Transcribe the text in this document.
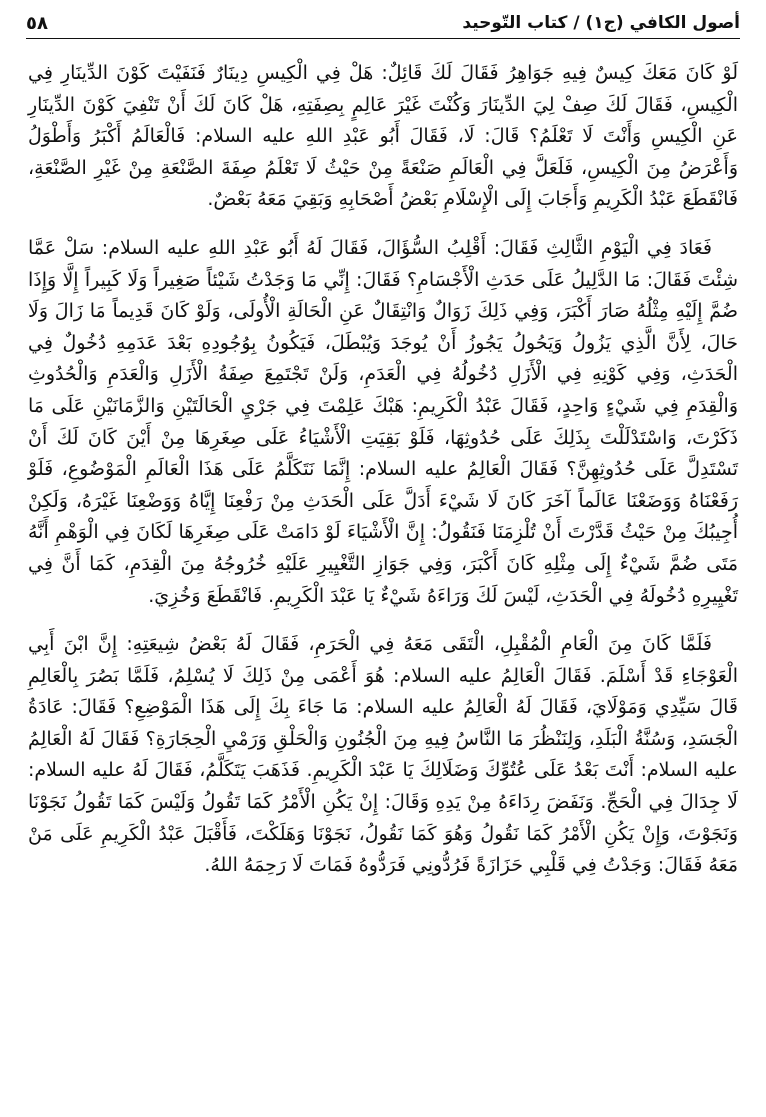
أصول الكافي (ج١) / كتاب التّوحيد
٥٨

لَوْ كَانَ مَعَكَ كِيسٌ فِيهِ جَوَاهِرُ فَقَالَ لَكَ قَائِلٌ: هَلْ فِي الْكِيسِ دِينَارٌ فَنَفَيْتَ كَوْنَ الدِّينَارِ فِي الْكِيسِ، فَقَالَ لَكَ صِفْ لِيَ الدِّينَارَ وَكُنْتَ غَيْرَ عَالِمٍ بِصِفَتِهِ، هَلْ كَانَ لَكَ أَنْ تَنْفِيَ كَوْنَ الدِّينَارِ عَنِ الْكِيسِ وَأَنْتَ لَا تَعْلَمُ؟ قَالَ: لَا، فَقَالَ أَبُو عَبْدِ اللهِ عليه السلام: فَالْعَالَمُ أَكْبَرُ وَأَطْوَلُ وَأَعْرَضُ مِنَ الْكِيسِ، فَلَعَلَّ فِي الْعَالَمِ صَنْعَةً مِنْ حَيْثُ لَا تَعْلَمُ صِفَةَ الصَّنْعَةِ مِنْ غَيْرِ الصَّنْعَةِ، فَانْقَطَعَ عَبْدُ الْكَرِيمِ وَأَجَابَ إِلَى الْإِسْلَامِ بَعْضُ أَصْحَابِهِ وَبَقِيَ مَعَهُ بَعْضٌ.

فَعَادَ فِي الْيَوْمِ الثَّالِثِ فَقَالَ: أَقْلِبُ السُّؤَالَ، فَقَالَ لَهُ أَبُو عَبْدِ اللهِ عليه السلام: سَلْ عَمَّا شِئْتَ فَقَالَ: مَا الدَّلِيلُ عَلَى حَدَثِ الْأَجْسَامِ؟ فَقَالَ: إِنِّي مَا وَجَدْتُ شَيْئاً صَغِيراً وَلَا كَبِيراً إِلَّا وَإِذَا ضُمَّ إِلَيْهِ مِثْلُهُ صَارَ أَكْبَرَ، وَفِي ذَلِكَ زَوَالٌ وَانْتِقَالٌ عَنِ الْحَالَةِ الْأُولَى، وَلَوْ كَانَ قَدِيماً مَا زَالَ وَلَا حَالَ، لِأَنَّ الَّذِي يَزُولُ وَيَحُولُ يَجُوزُ أَنْ يُوجَدَ وَيُبْطَلَ، فَيَكُونُ بِوُجُودِهِ بَعْدَ عَدَمِهِ دُخُولٌ فِي الْحَدَثِ، وَفِي كَوْنِهِ فِي الْأَزَلِ دُخُولُهُ فِي الْعَدَمِ، وَلَنْ تَجْتَمِعَ صِفَةُ الْأَزَلِ وَالْعَدَمِ وَالْحُدُوثِ وَالْقِدَمِ فِي شَيْءٍ وَاحِدٍ، فَقَالَ عَبْدُ الْكَرِيمِ: هَبْكَ عَلِمْتَ فِي جَرْيِ الْحَالَتَيْنِ وَالزَّمَانَيْنِ عَلَى مَا ذَكَرْتَ، وَاسْتَدْلَلْتَ بِذَلِكَ عَلَى حُدُوثِهَا، فَلَوْ بَقِيَتِ الْأَشْيَاءُ عَلَى صِغَرِهَا مِنْ أَيْنَ كَانَ لَكَ أَنْ تَسْتَدِلَّ عَلَى حُدُوثِهِنَّ؟ فَقَالَ الْعَالِمُ عليه السلام: إِنَّمَا نَتَكَلَّمُ عَلَى هَذَا الْعَالَمِ الْمَوْضُوعِ، فَلَوْ رَفَعْنَاهُ وَوَضَعْنَا عَالَماً آخَرَ كَانَ لَا شَيْءَ أَدَلَّ عَلَى الْحَدَثِ مِنْ رَفْعِنَا إِيَّاهُ وَوَضْعِنَا غَيْرَهُ، وَلَكِنْ أُجِيبُكَ مِنْ حَيْثُ قَدَّرْتَ أَنْ تُلْزِمَنَا فَنَقُولُ: إِنَّ الْأَشْيَاءَ لَوْ دَامَتْ عَلَى صِغَرِهَا لَكَانَ فِي الْوَهْمِ أَنَّهُ مَتَى ضُمَّ شَيْءٌ إِلَى مِثْلِهِ كَانَ أَكْبَرَ، وَفِي جَوَازِ التَّغْيِيرِ عَلَيْهِ خُرُوجُهُ مِنَ الْقِدَمِ، كَمَا أَنَّ فِي تَغْيِيرِهِ دُخُولَهُ فِي الْحَدَثِ، لَيْسَ لَكَ وَرَاءَهُ شَيْءٌ يَا عَبْدَ الْكَرِيمِ. فَانْقَطَعَ وَخُزِيَ.

فَلَمَّا كَانَ مِنَ الْعَامِ الْمُقْبِلِ، الْتَقَى مَعَهُ فِي الْحَرَمِ، فَقَالَ لَهُ بَعْضُ شِيعَتِهِ: إِنَّ ابْنَ أَبِي الْعَوْجَاءِ قَدْ أَسْلَمَ. فَقَالَ الْعَالِمُ عليه السلام: هُوَ أَعْمَى مِنْ ذَلِكَ لَا يُسْلِمُ، فَلَمَّا بَصُرَ بِالْعَالِمِ قَالَ سَيِّدِي وَمَوْلَايَ، فَقَالَ لَهُ الْعَالِمُ عليه السلام: مَا جَاءَ بِكَ إِلَى هَذَا الْمَوْضِعِ؟ فَقَالَ: عَادَةُ الْجَسَدِ، وَسُنَّةُ الْبَلَدِ، وَلِنَنْظُرَ مَا النَّاسُ فِيهِ مِنَ الْجُنُونِ وَالْحَلْقِ وَرَمْيِ الْحِجَارَةِ؟ فَقَالَ لَهُ الْعَالِمُ عليه السلام: أَنْتَ بَعْدُ عَلَى عُتُوِّكَ وَضَلَالِكَ يَا عَبْدَ الْكَرِيمِ. فَذَهَبَ يَتَكَلَّمُ، فَقَالَ لَهُ عليه السلام: لَا جِدَالَ فِي الْحَجِّ. وَنَفَضَ رِدَاءَهُ مِنْ يَدِهِ وَقَالَ: إِنْ يَكُنِ الْأَمْرُ كَمَا تَقُولُ وَلَيْسَ كَمَا تَقُولُ نَجَوْنَا وَنَجَوْتَ، وَإِنْ يَكُنِ الْأَمْرُ كَمَا نَقُولُ وَهُوَ كَمَا نَقُولُ، نَجَوْنَا وَهَلَكْتَ، فَأَقْبَلَ عَبْدُ الْكَرِيمِ عَلَى مَنْ مَعَهُ فَقَالَ: وَجَدْتُ فِي قَلْبِي حَزَازَةً فَرُدُّونِي فَرَدُّوهُ فَمَاتَ لَا رَحِمَهُ اللهُ.
